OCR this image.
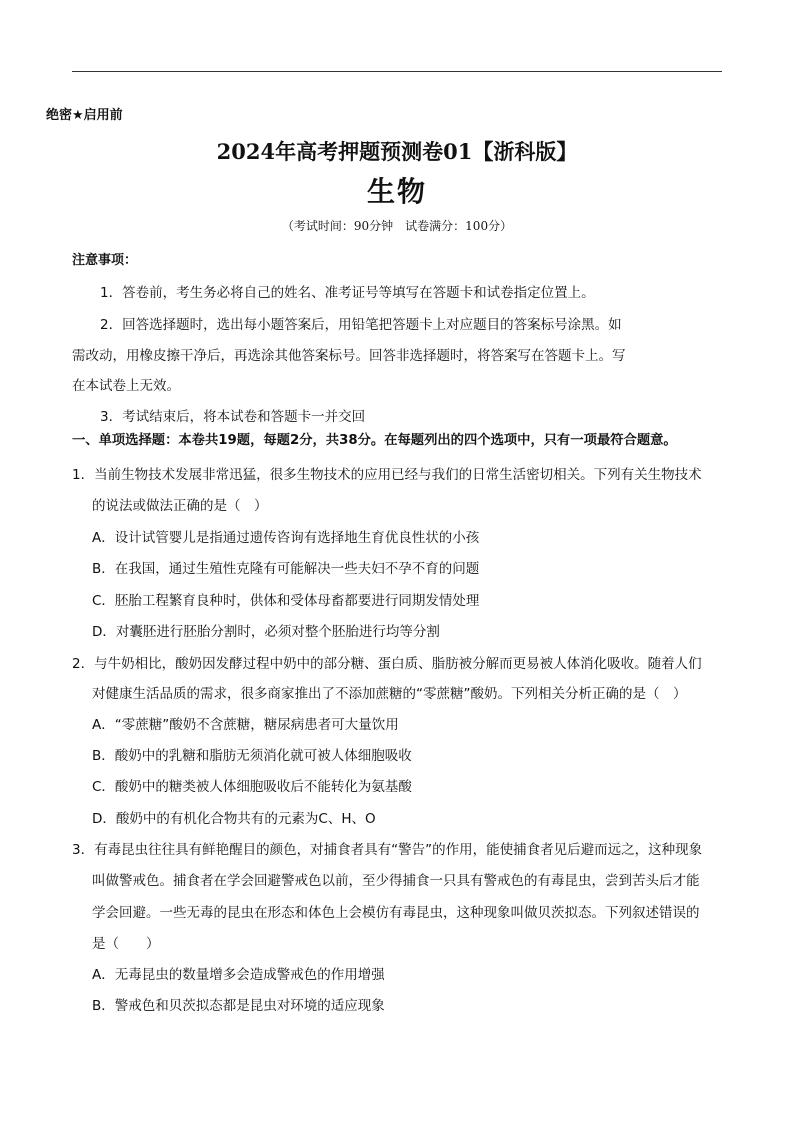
绝密★启用前
2024年高考押题预测卷01【浙科版】
生物
（考试时间：90分钟　试卷满分：100分）
注意事项：
1．答卷前，考生务必将自己的姓名、准考证号等填写在答题卡和试卷指定位置上。
2．回答选择题时，选出每小题答案后，用铅笔把答题卡上对应题目的答案标号涂黑。如
需改动，用橡皮擦干净后，再选涂其他答案标号。回答非选择题时，将答案写在答题卡上。写
在本试卷上无效。
3．考试结束后，将本试卷和答题卡一并交回
一、单项选择题：本卷共19题，每题2分，共38分。在每题列出的四个选项中，只有一项最符合题意。
1．当前生物技术发展非常迅猛，很多生物技术的应用已经与我们的日常生活密切相关。下列有关生物技术
的说法或做法正确的是（　）
A．设计试管婴儿是指通过遗传咨询有选择地生育优良性状的小孩
B．在我国，通过生殖性克隆有可能解决一些夫妇不孕不育的问题
C．胚胎工程繁育良种时，供体和受体母畜都要进行同期发情处理
D．对囊胚进行胚胎分割时，必须对整个胚胎进行均等分割
2．与牛奶相比，酸奶因发酵过程中奶中的部分糖、蛋白质、脂肪被分解而更易被人体消化吸收。随着人们
对健康生活品质的需求，很多商家推出了不添加蔗糖的“零蔗糖”酸奶。下列相关分析正确的是（　）
A．“零蔗糖”酸奶不含蔗糖，糖尿病患者可大量饮用
B．酸奶中的乳糖和脂肪无须消化就可被人体细胞吸收
C．酸奶中的糖类被人体细胞吸收后不能转化为氨基酸
D．酸奶中的有机化合物共有的元素为C、H、O
3．有毒昆虫往往具有鲜艳醒目的颜色，对捕食者具有“警告”的作用，能使捕食者见后避而远之，这种现象
叫做警戒色。捕食者在学会回避警戒色以前，至少得捕食一只具有警戒色的有毒昆虫，尝到苦头后才能
学会回避。一些无毒的昆虫在形态和体色上会模仿有毒昆虫，这种现象叫做贝茨拟态。下列叙述错误的
是（　　）
A．无毒昆虫的数量增多会造成警戒色的作用增强
B．警戒色和贝茨拟态都是昆虫对环境的适应现象
